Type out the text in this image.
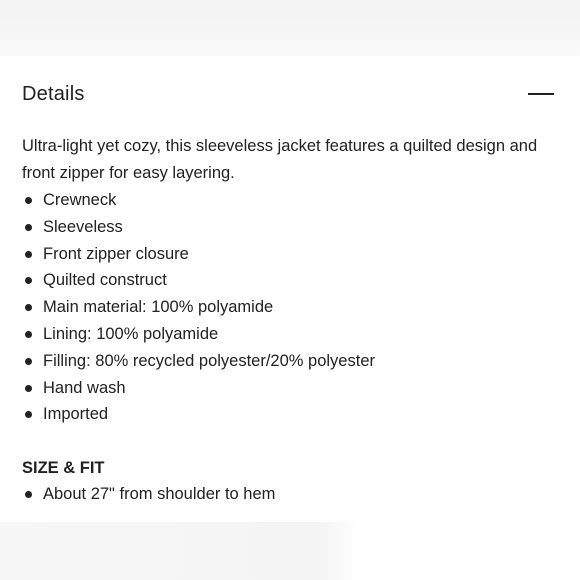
Details

Ultra-light yet cozy, this sleeveless jacket features a quilted design and front zipper for easy layering.

Crewneck
Sleeveless
Front zipper closure
Quilted construct
Main material: 100% polyamide
Lining: 100% polyamide
Filling: 80% recycled polyester/20% polyester
Hand wash
Imported
SIZE & FIT
About 27" from shoulder to hem
